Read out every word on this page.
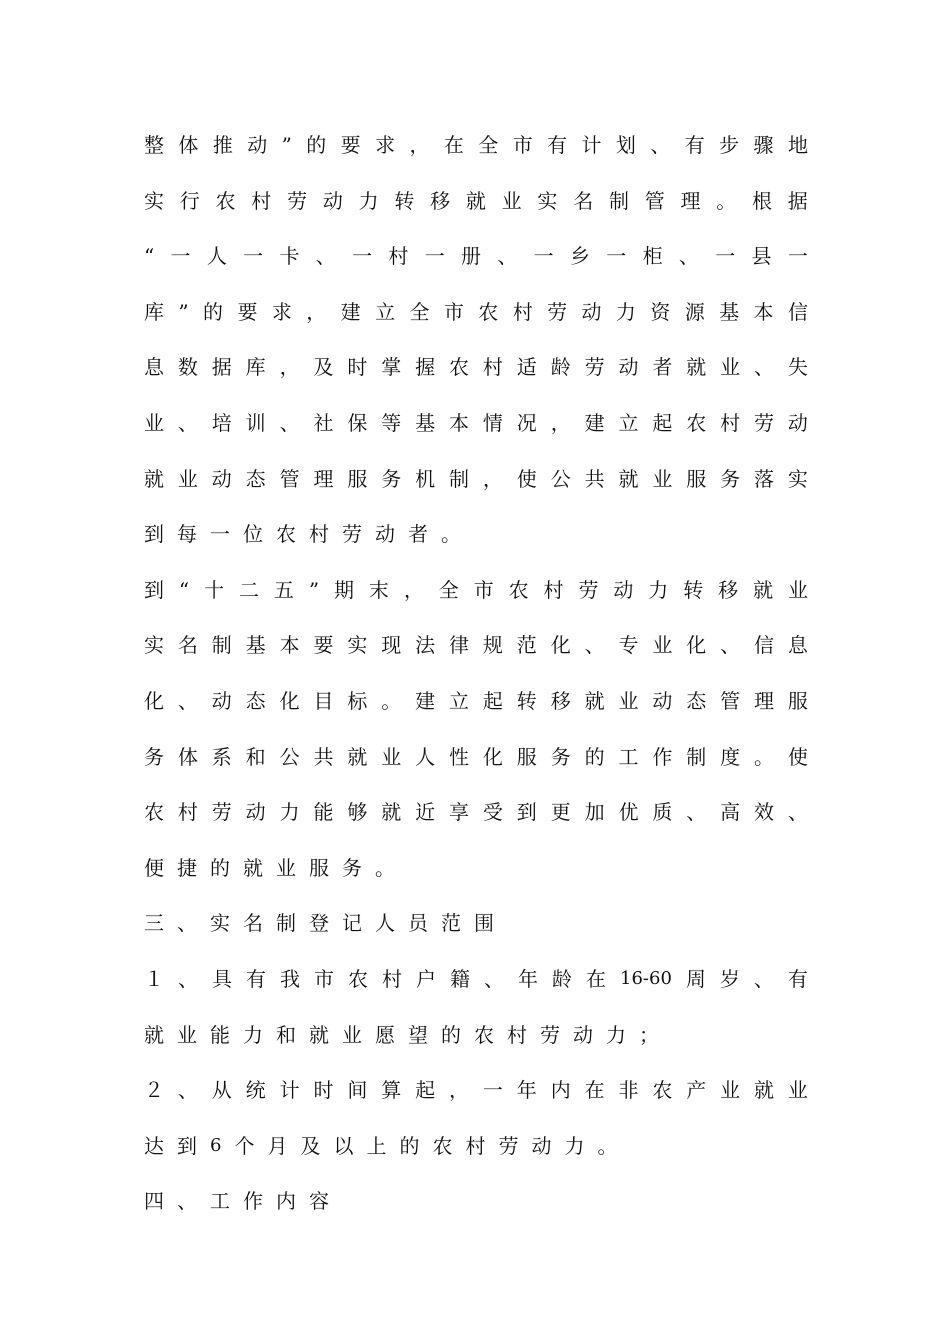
整 体 推 动 ” 的 要 求 ， 在 全 市 有 计 划 、 有 步 骤 地
实 行 农 村 劳 动 力 转 移 就 业 实 名 制 管 理 。 根 据
“ 一 人 一 卡 、 一 村 一 册 、 一 乡 一 柜 、 一 县 一
库 ” 的 要 求 ， 建 立 全 市 农 村 劳 动 力 资 源 基 本 信
息 数 据 库 ， 及 时 掌 握 农 村 适 龄 劳 动 者 就 业 、 失
业 、 培 训 、 社 保 等 基 本 情 况 ， 建 立 起 农 村 劳 动
就 业 动 态 管 理 服 务 机 制 ， 使 公 共 就 业 服 务 落 实
到 每 一 位 农 村 劳 动 者 。
到 “ 十 二 五 ” 期 末 ， 全 市 农 村 劳 动 力 转 移 就 业
实 名 制 基 本 要 实 现 法 律 规 范 化 、 专 业 化 、 信 息
化 、 动 态 化 目 标 。 建 立 起 转 移 就 业 动 态 管 理 服
务 体 系 和 公 共 就 业 人 性 化 服 务 的 工 作 制 度 。 使
农 村 劳 动 力 能 够 就 近 享 受 到 更 加 优 质 、 高 效 、
便 捷 的 就 业 服 务 。
三 、 实 名 制 登 记 人 员 范 围
１ 、 具 有 我 市 农 村 户 籍 、 年 龄 在 16-60 周 岁 、 有
就 业 能 力 和 就 业 愿 望 的 农 村 劳 动 力 ；
２ 、 从 统 计 时 间 算 起 ， 一 年 内 在 非 农 产 业 就 业
达 到 6 个 月 及 以 上 的 农 村 劳 动 力 。
四 、 工 作 内 容
